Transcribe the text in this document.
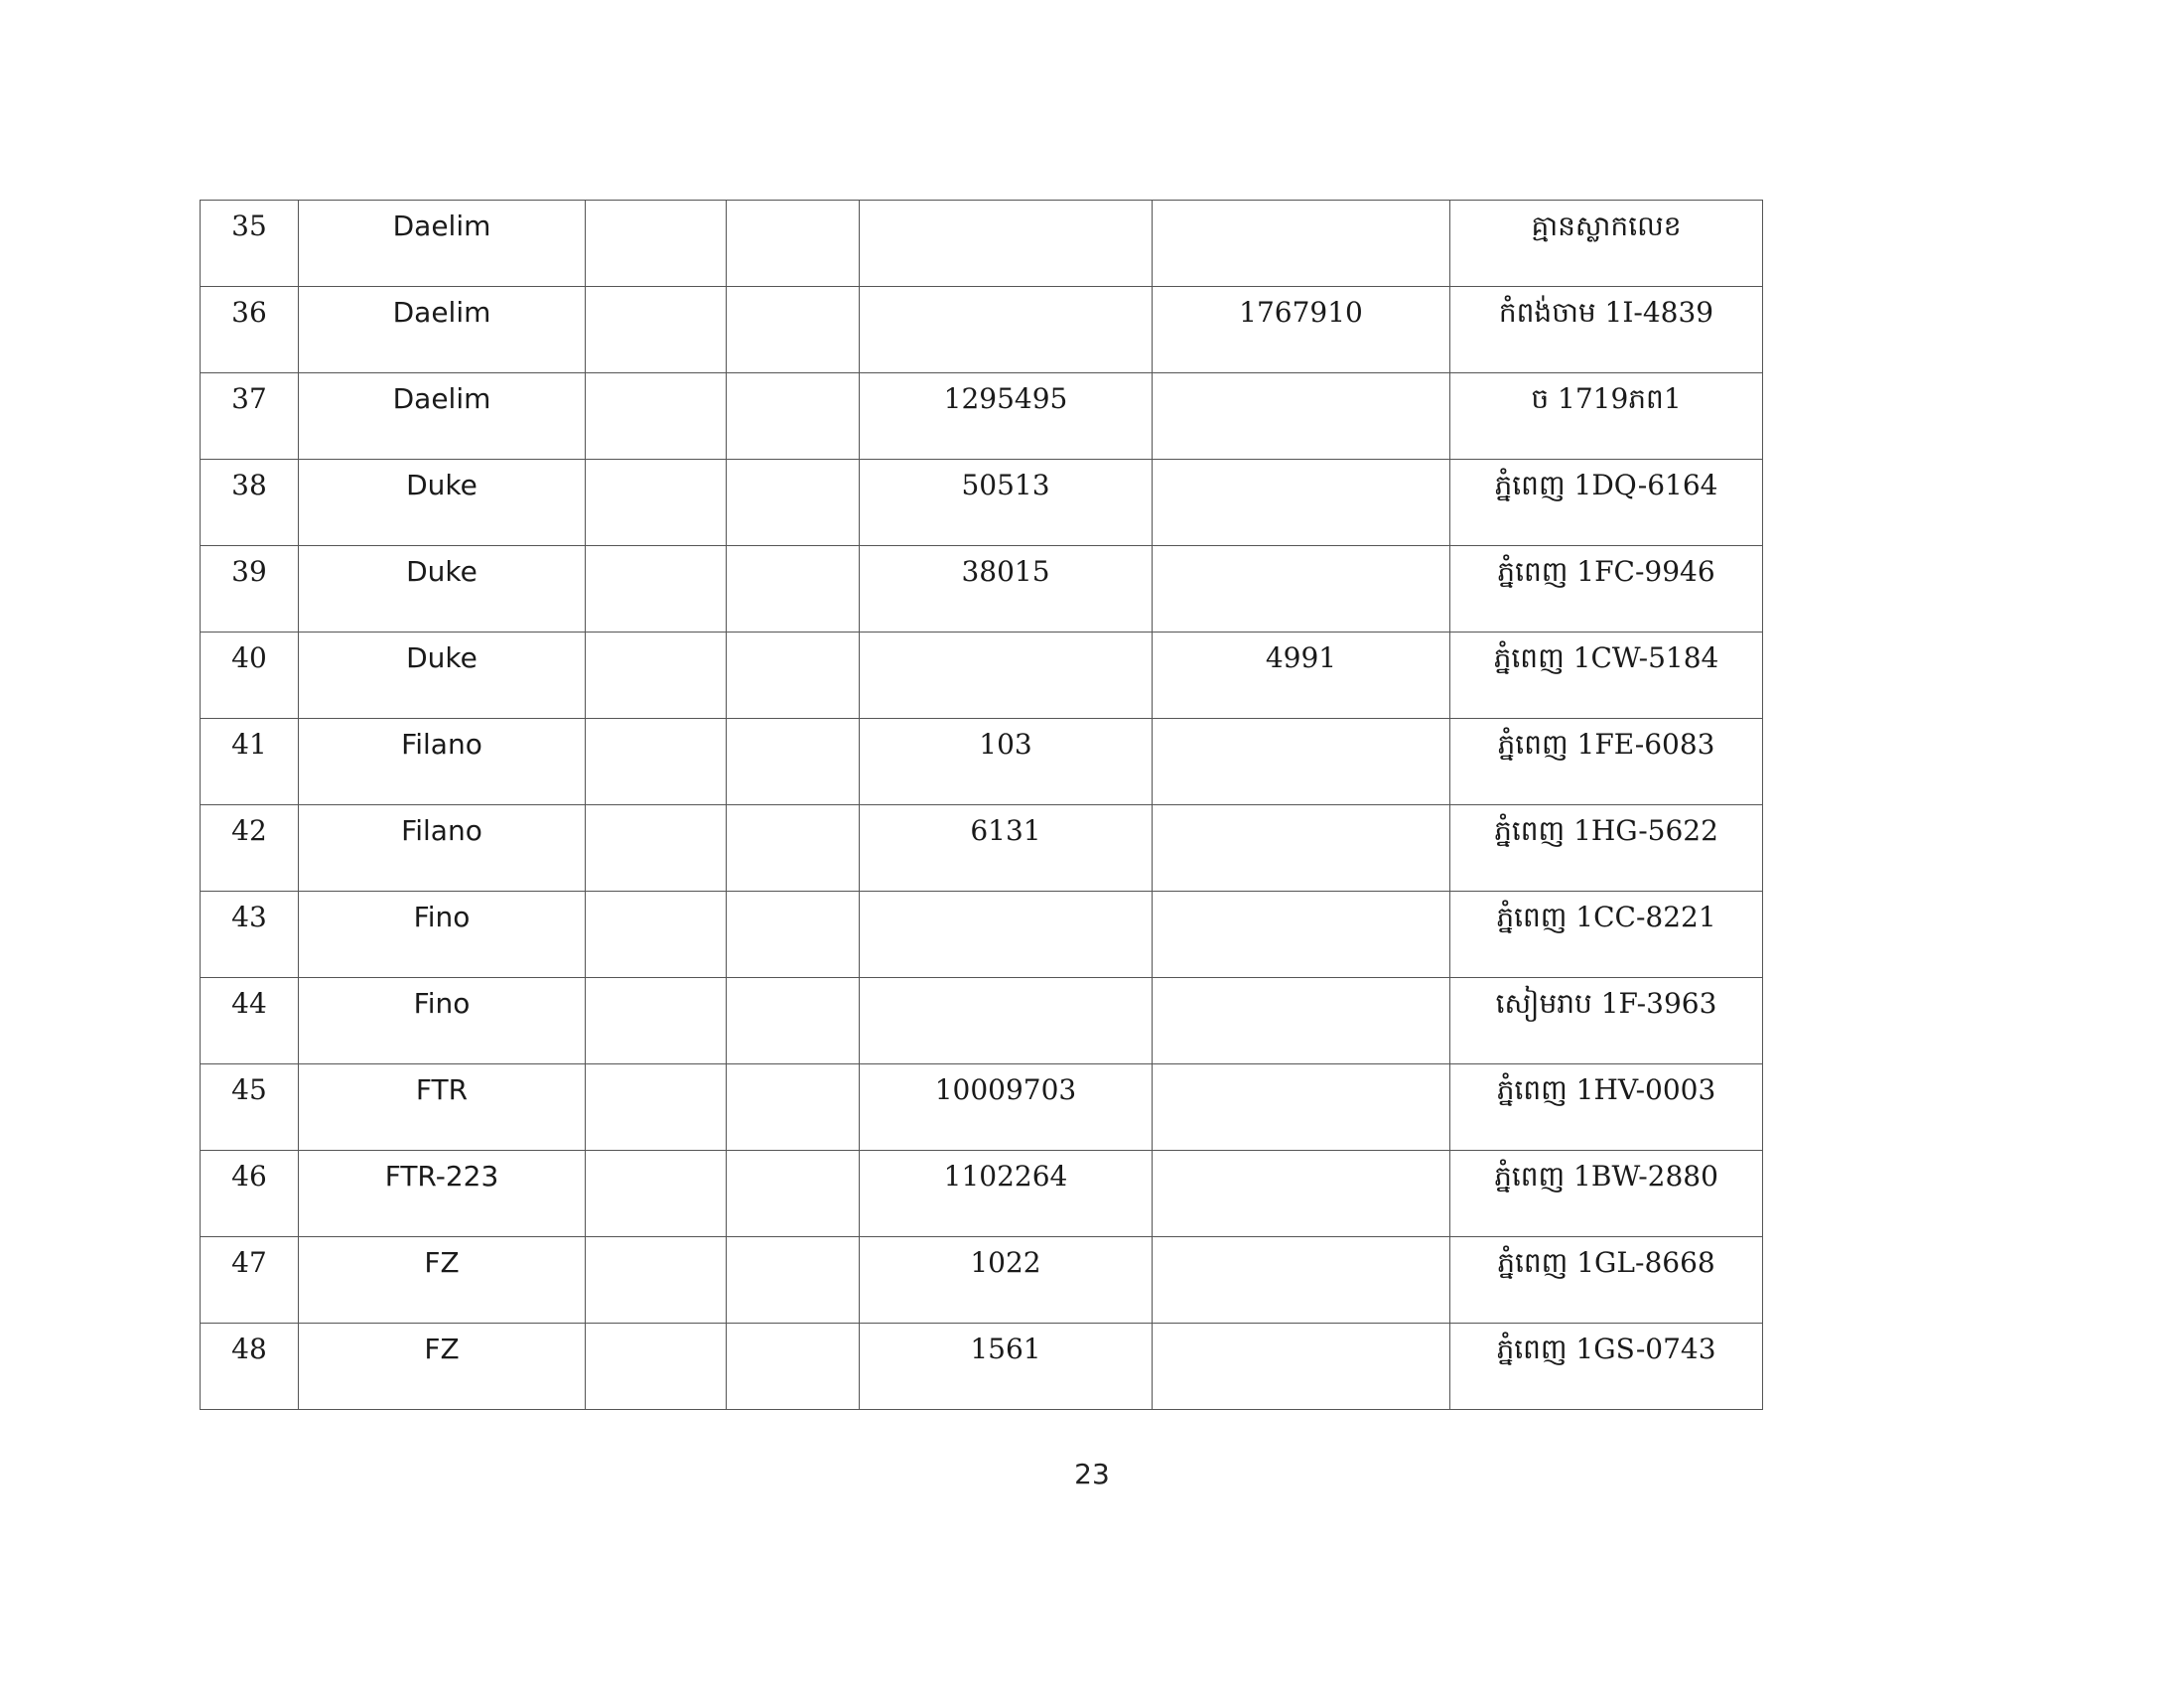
35	Daelim					គ្មានស្លាកលេខ

36	Daelim				1767910	កំពង់ចាម 1I-4839

37	Daelim			1295495		ច 1719ភព1

38	Duke			50513		ភ្នំពេញ 1DQ-6164

39	Duke			38015		ភ្នំពេញ 1FC-9946

40	Duke				4991	ភ្នំពេញ 1CW-5184

41	Filano			103		ភ្នំពេញ 1FE-6083

42	Filano			6131		ភ្នំពេញ 1HG-5622

43	Fino					ភ្នំពេញ 1CC-8221

44	Fino					សៀមរាប 1F-3963

45	FTR			10009703		ភ្នំពេញ 1HV-0003

46	FTR-223			1102264		ភ្នំពេញ 1BW-2880

47	FZ			1022		ភ្នំពេញ 1GL-8668

48	FZ			1561		ភ្នំពេញ 1GS-0743
23
